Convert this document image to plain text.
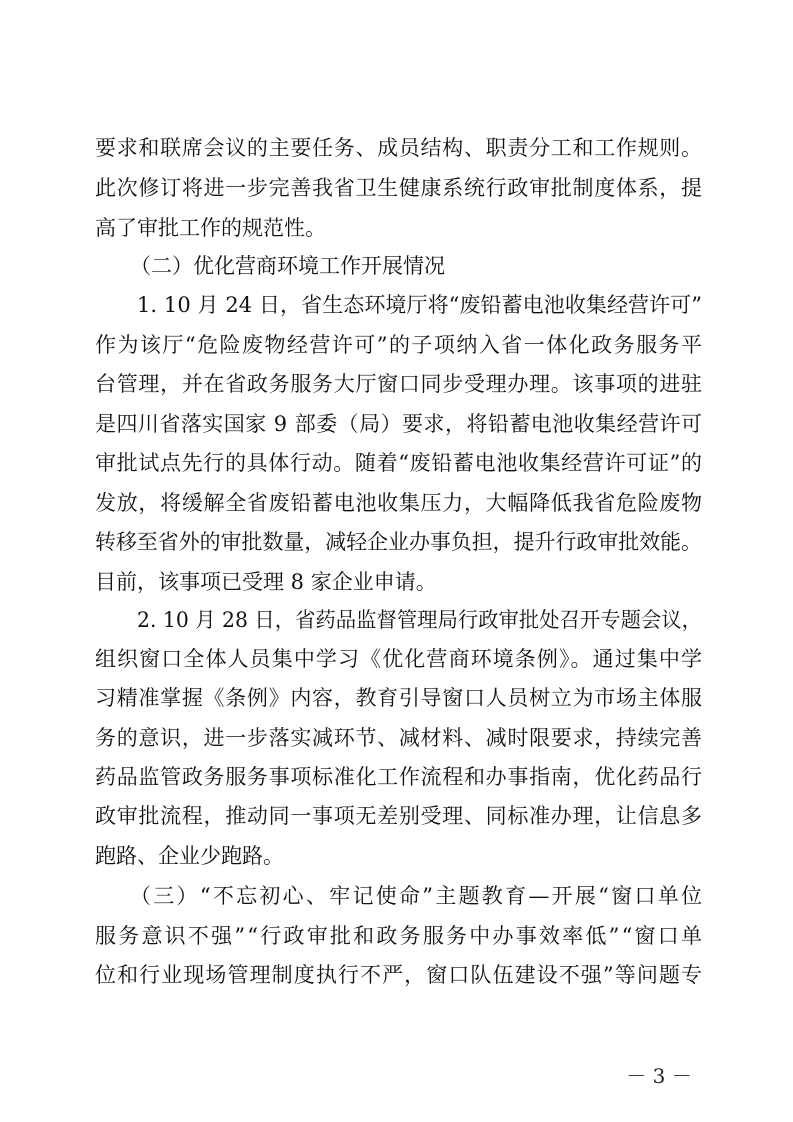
要求和联席会议的主要任务、成员结构、职责分工和工作规则。
此次修订将进一步完善我省卫生健康系统行政审批制度体系，提
高了审批工作的规范性。
（二）优化营商环境工作开展情况
1. 10 月 24 日，省生态环境厅将“废铅蓄电池收集经营许可”
作为该厅“危险废物经营许可”的子项纳入省一体化政务服务平
台管理，并在省政务服务大厅窗口同步受理办理。该事项的进驻
是四川省落实国家 9 部委（局）要求，将铅蓄电池收集经营许可
审批试点先行的具体行动。随着“废铅蓄电池收集经营许可证”的
发放，将缓解全省废铅蓄电池收集压力，大幅降低我省危险废物
转移至省外的审批数量，减轻企业办事负担，提升行政审批效能。
目前，该事项已受理 8 家企业申请。
2. 10 月 28 日，省药品监督管理局行政审批处召开专题会议，
组织窗口全体人员集中学习《优化营商环境条例》。通过集中学
习精准掌握《条例》内容，教育引导窗口人员树立为市场主体服
务的意识，进一步落实减环节、减材料、减时限要求，持续完善
药品监管政务服务事项标准化工作流程和办事指南，优化药品行
政审批流程，推动同一事项无差别受理、同标准办理，让信息多
跑路、企业少跑路。
（三）“不忘初心、牢记使命”主题教育—开展“窗口单位
服务意识不强”“行政审批和政务服务中办事效率低”“窗口单
位和行业现场管理制度执行不严，窗口队伍建设不强”等问题专
－ 3 －
